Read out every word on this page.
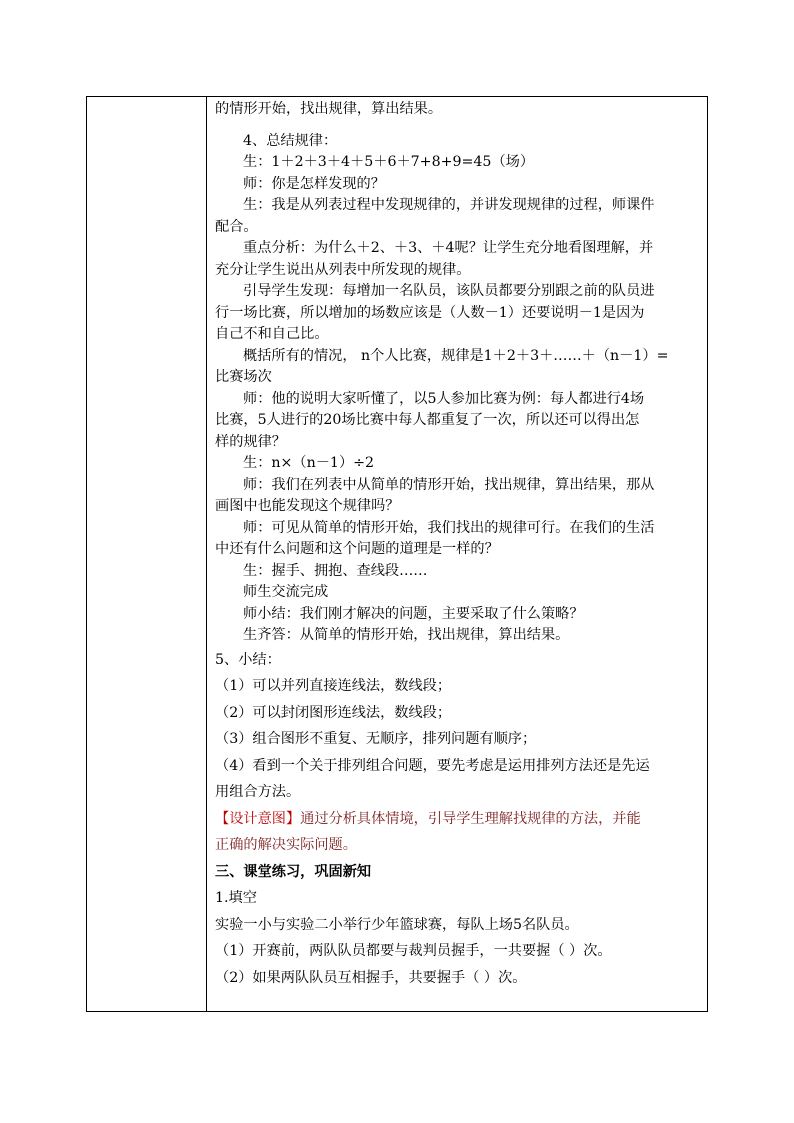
的情形开始，找出规律，算出结果。
4、总结规律：
生：1＋2＋3＋4＋5＋6＋7+8+9=45（场）
师：你是怎样发现的？
生：我是从列表过程中发现规律的，并讲发现规律的过程，师课件
配合。
重点分析：为什么＋2、＋3、＋4呢？让学生充分地看图理解，并
充分让学生说出从列表中所发现的规律。
引导学生发现：每增加一名队员，该队员都要分别跟之前的队员进
行一场比赛，所以增加的场数应该是（人数－1）还要说明－1是因为
自己不和自己比。
概括所有的情况， n个人比赛，规律是1＋2＋3＋……＋（n－1）=
比赛场次
师：他的说明大家听懂了，以5人参加比赛为例：每人都进行4场
比赛，5人进行的20场比赛中每人都重复了一次，所以还可以得出怎
样的规律？
生：n×（n－1）÷2
师：我们在列表中从简单的情形开始，找出规律，算出结果，那从
画图中也能发现这个规律吗？
师：可见从简单的情形开始，我们找出的规律可行。在我们的生活
中还有什么问题和这个问题的道理是一样的？
生：握手、拥抱、查线段……
师生交流完成
师小结：我们刚才解决的问题，主要采取了什么策略？
生齐答：从简单的情形开始，找出规律，算出结果。
5、小结：
（1）可以并列直接连线法，数线段；
（2）可以封闭图形连线法，数线段；
（3）组合图形不重复、无顺序，排列问题有顺序；
（4）看到一个关于排列组合问题，要先考虑是运用排列方法还是先运
用组合方法。
【设计意图】通过分析具体情境，引导学生理解找规律的方法，并能
正确的解决实际问题。
三、课堂练习，巩固新知
1.填空
实验一小与实验二小举行少年篮球赛，每队上场5名队员。
（1）开赛前，两队队员都要与裁判员握手，一共要握（ ）次。
（2）如果两队队员互相握手，共要握手（ ）次。
